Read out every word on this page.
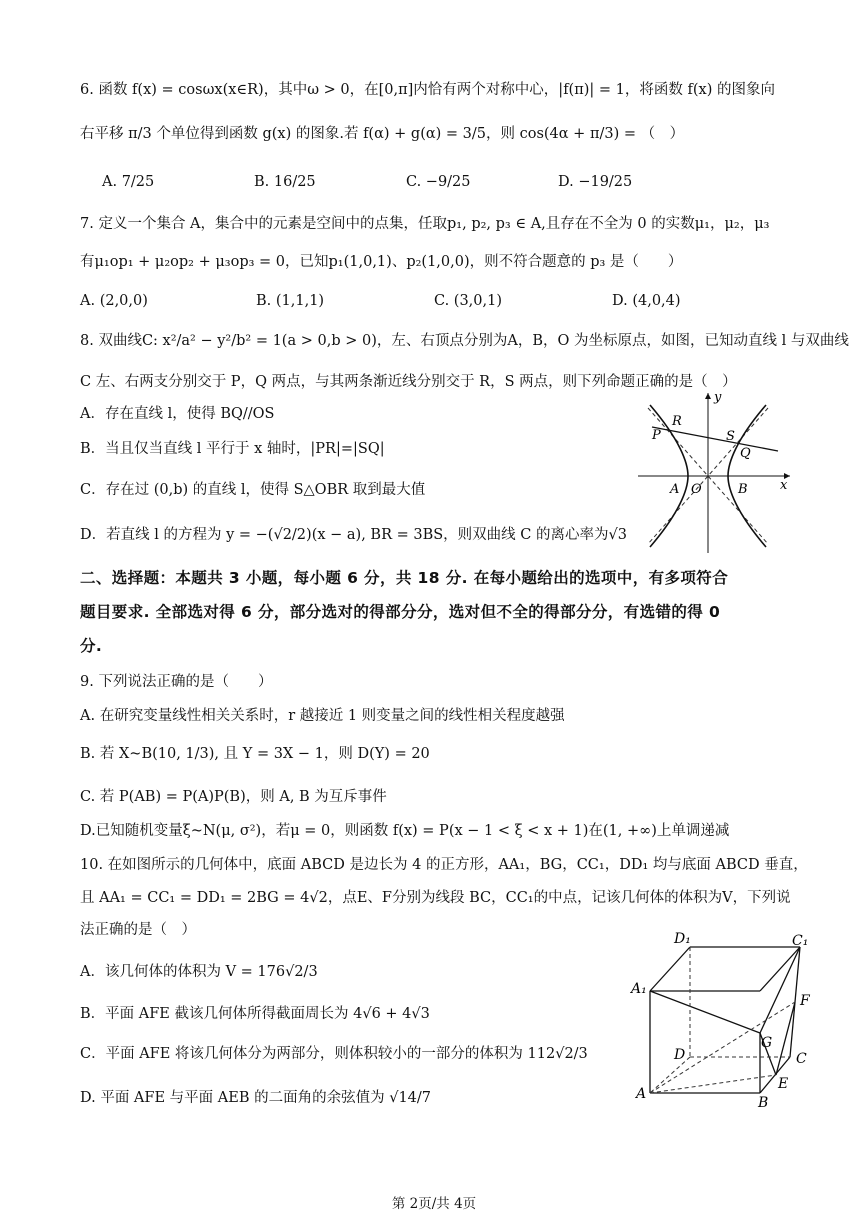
6. 函数 f(x) = cosωx(x∈R)，其中ω > 0，在[0,π]内恰有两个对称中心，|f(π)| = 1，将函数 f(x) 的图象向
右平移 π/3 个单位得到函数 g(x) 的图象.若 f(α) + g(α) = 3/5，则 cos(4α + π/3) = （　）
A. 7/25	B. 16/25	C. −9/25	D. −19/25
7. 定义一个集合 A，集合中的元素是空间中的点集，任取p₁, p₂, p₃ ∈ A,且存在不全为 0 的实数μ₁，μ₂，μ₃
有μ₁op₁ + μ₂op₂ + μ₃op₃ = 0，已知p₁(1,0,1)、p₂(1,0,0)，则不符合题意的 p₃ 是（　　）
A. (2,0,0)	B. (1,1,1)	C. (3,0,1)	D. (4,0,4)
8. 双曲线C: x²/a² − y²/b² = 1(a > 0,b > 0)，左、右顶点分别为A，B，O 为坐标原点，如图，已知动直线 l 与双曲线
C 左、右两支分别交于 P，Q 两点，与其两条渐近线分别交于 R，S 两点，则下列命题正确的是（　）
A．存在直线 l，使得 BQ//OS
B．当且仅当直线 l 平行于 x 轴时，|PR|=|SQ|
C．存在过 (0,b) 的直线 l，使得 S△OBR 取到最大值
D．若直线 l 的方程为 y = −(√2/2)(x − a), BR = 3BS，则双曲线 C 的离心率为√3
y
x
R
P	S
Q
A O	B
二、选择题：本题共 3 小题，每小题 6 分，共 18 分. 在每小题给出的选项中，有多项符合
题目要求. 全部选对得 6 分，部分选对的得部分分，选对但不全的得部分分，有选错的得 0
分.
9. 下列说法正确的是（　　）
A. 在研究变量线性相关关系时，r 越接近 1 则变量之间的线性相关程度越强
B. 若 X~B(10, 1/3), 且 Y = 3X − 1，则 D(Y) = 20
C. 若 P(AB) = P(A)P(B)，则 A, B 为互斥事件
D.已知随机变量ξ~N(μ, σ²)，若μ = 0，则函数 f(x) = P(x − 1 < ξ < x + 1)在(1, +∞)上单调递减
10. 在如图所示的几何体中，底面 ABCD 是边长为 4 的正方形，AA₁，BG，CC₁，DD₁ 均与底面 ABCD 垂直，
且 AA₁ = CC₁ = DD₁ = 2BG = 4√2，点E、F分别为线段 BC，CC₁的中点，记该几何体的体积为V，下列说
法正确的是（　）
A．该几何体的体积为 V = 176√2/3
B．平面 AFE 截该几何体所得截面周长为 4√6 + 4√3
C．平面 AFE 将该几何体分为两部分，则体积较小的一部分的体积为 112√2/3
D. 平面 AFE 与平面 AEB 的二面角的余弦值为 √14/7
D₁	C₁
A₁
F
G
D	C
E
A
B
第 2页/共 4页
